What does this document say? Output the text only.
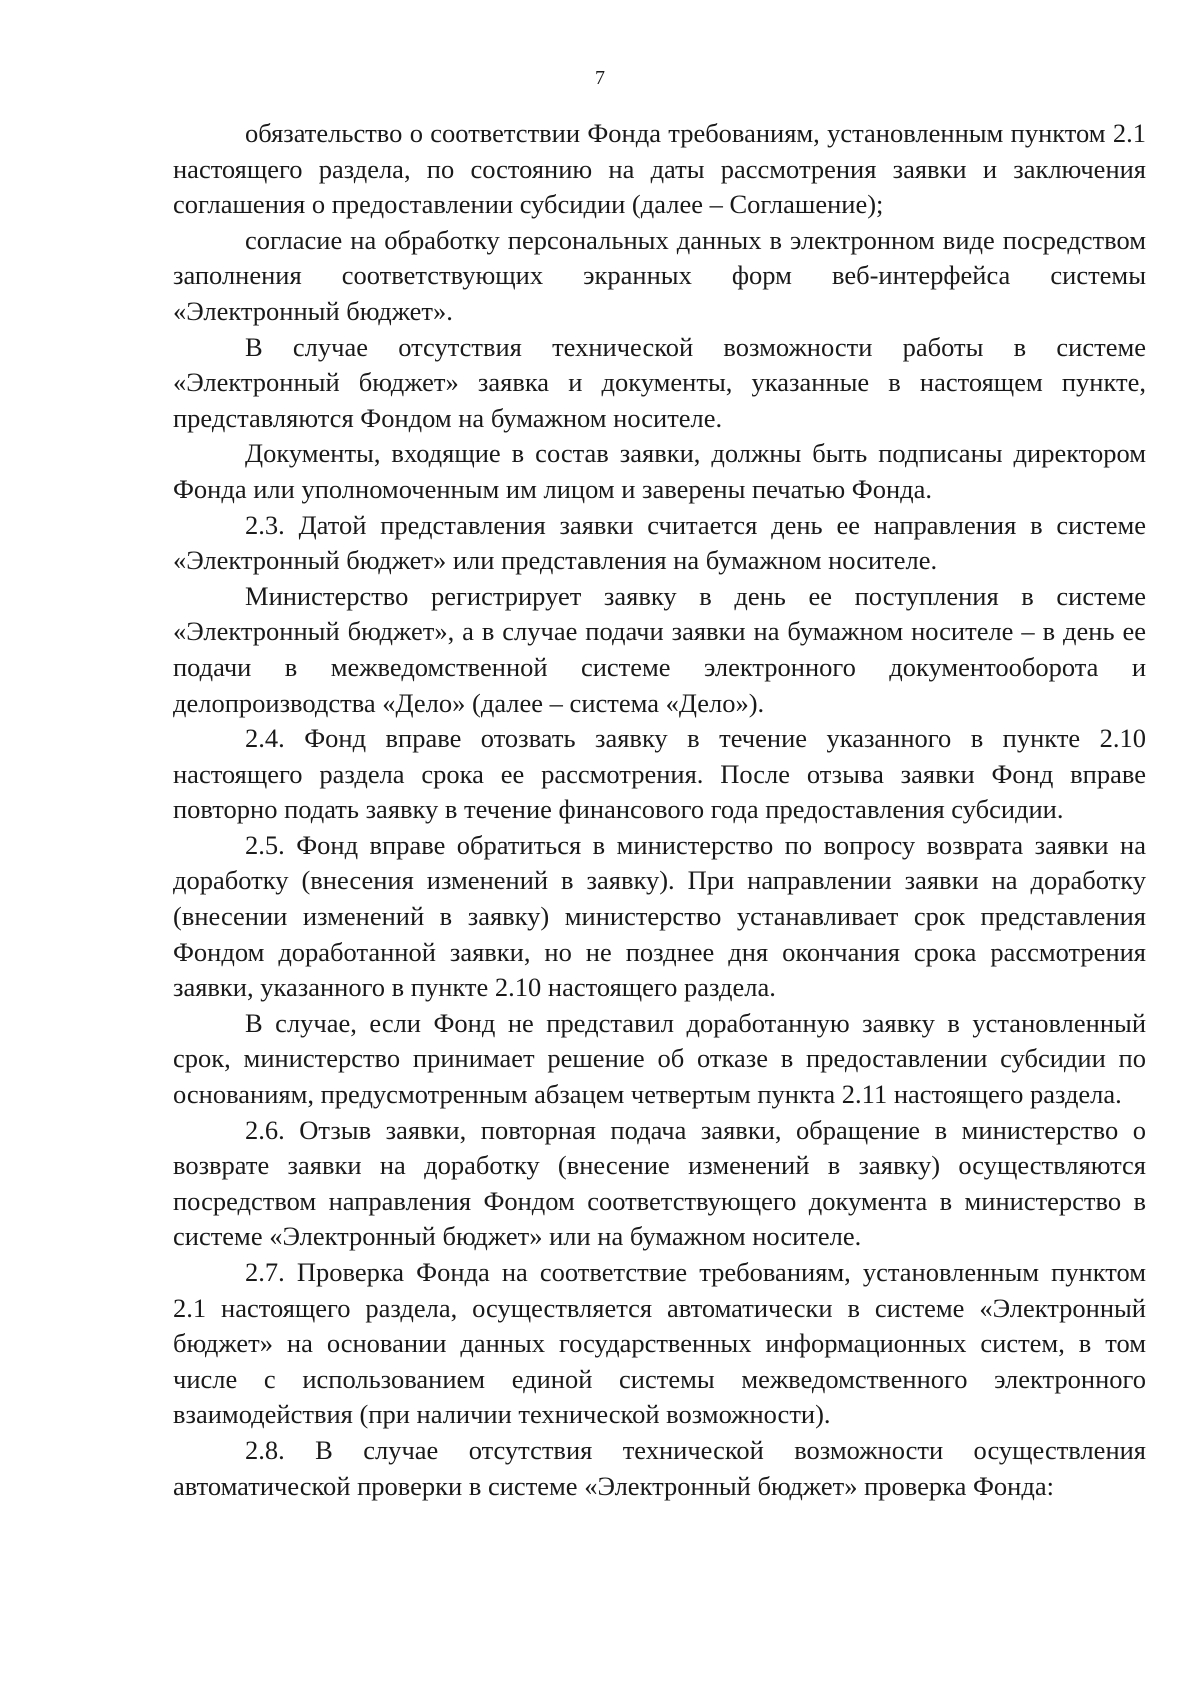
7

обязательство о соответствии Фонда требованиям, установленным пунктом 2.1 настоящего раздела, по состоянию на даты рассмотрения заявки и заключения соглашения о предоставлении субсидии (далее – Соглашение);

согласие на обработку персональных данных в электронном виде посредством заполнения соответствующих экранных форм веб-интерфейса системы «Электронный бюджет».

В случае отсутствия технической возможности работы в системе «Электронный бюджет» заявка и документы, указанные в настоящем пункте, представляются Фондом на бумажном носителе.

Документы, входящие в состав заявки, должны быть подписаны директором Фонда или уполномоченным им лицом и заверены печатью Фонда.

2.3. Датой представления заявки считается день ее направления в системе «Электронный бюджет» или представления на бумажном носителе.

Министерство регистрирует заявку в день ее поступления в системе «Электронный бюджет», а в случае подачи заявки на бумажном носителе – в день ее подачи в межведомственной системе электронного документооборота и делопроизводства «Дело» (далее – система «Дело»).

2.4. Фонд вправе отозвать заявку в течение указанного в пункте 2.10 настоящего раздела срока ее рассмотрения. После отзыва заявки Фонд вправе повторно подать заявку в течение финансового года предоставления субсидии.

2.5. Фонд вправе обратиться в министерство по вопросу возврата заявки на доработку (внесения изменений в заявку). При направлении заявки на доработку (внесении изменений в заявку) министерство устанавливает срок представления Фондом доработанной заявки, но не позднее дня окончания срока рассмотрения заявки, указанного в пункте 2.10 настоящего раздела.

В случае, если Фонд не представил доработанную заявку в установленный срок, министерство принимает решение об отказе в предоставлении субсидии по основаниям, предусмотренным абзацем четвертым пункта 2.11 настоящего раздела.

2.6. Отзыв заявки, повторная подача заявки, обращение в министерство о возврате заявки на доработку (внесение изменений в заявку) осуществляются посредством направления Фондом соответствующего документа в министерство в системе «Электронный бюджет» или на бумажном носителе.

2.7. Проверка Фонда на соответствие требованиям, установленным пунктом 2.1 настоящего раздела, осуществляется автоматически в системе «Электронный бюджет» на основании данных государственных информационных систем, в том числе с использованием единой системы межведомственного электронного взаимодействия (при наличии технической возможности).

2.8. В случае отсутствия технической возможности осуществления автоматической проверки в системе «Электронный бюджет» проверка Фонда:
